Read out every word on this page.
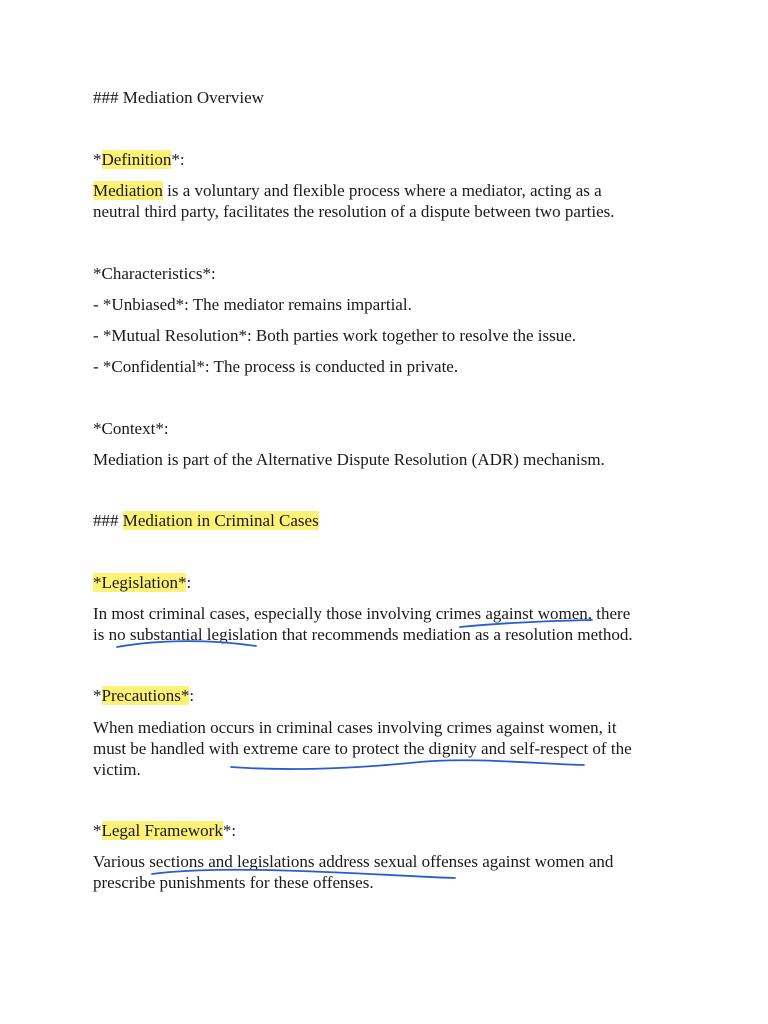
### Mediation Overview
*Definition*:
Mediation is a voluntary and flexible process where a mediator, acting as a
neutral third party, facilitates the resolution of a dispute between two parties.
*Characteristics*:
- *Unbiased*: The mediator remains impartial.
- *Mutual Resolution*: Both parties work together to resolve the issue.
- *Confidential*: The process is conducted in private.
*Context*:
Mediation is part of the Alternative Dispute Resolution (ADR) mechanism.
### Mediation in Criminal Cases
*Legislation*:
In most criminal cases, especially those involving crimes against women, there
is no substantial legislation that recommends mediation as a resolution method.
*Precautions*:
When mediation occurs in criminal cases involving crimes against women, it
must be handled with extreme care to protect the dignity and self-respect of the
victim.
*Legal Framework*:
Various sections and legislations address sexual offenses against women and
prescribe punishments for these offenses.
